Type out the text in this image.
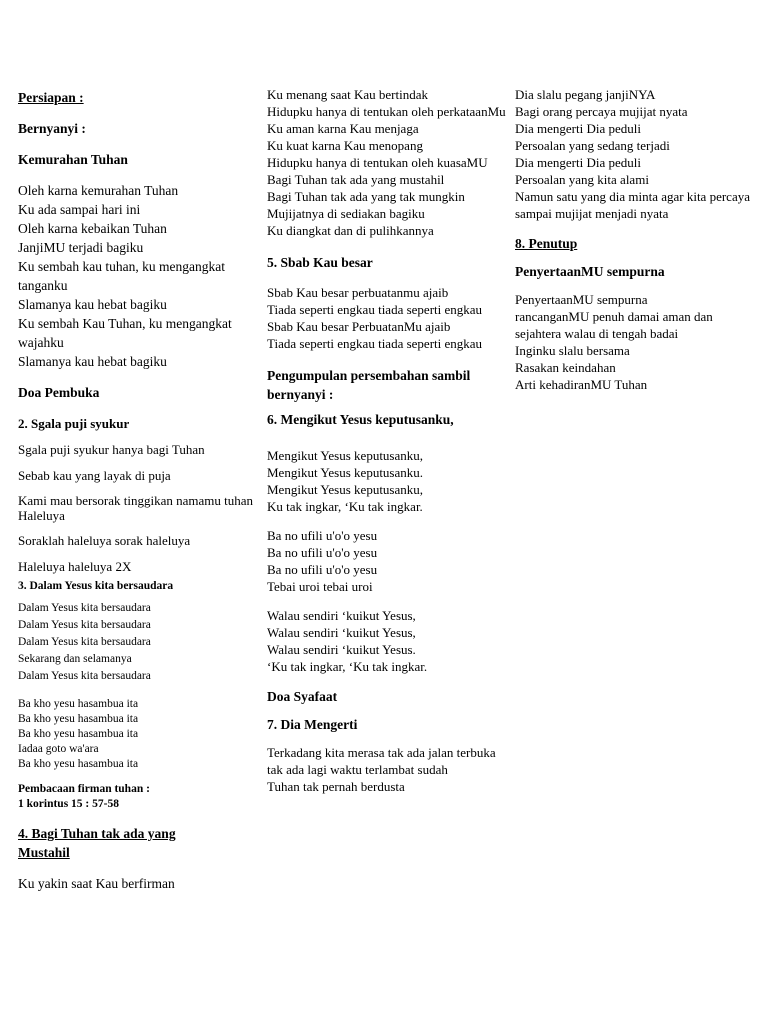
Persiapan :
Bernyanyi :
Kemurahan Tuhan
Oleh karna kemurahan Tuhan
Ku ada sampai hari ini
Oleh karna kebaikan Tuhan
JanjiMU terjadi bagiku
Ku sembah kau tuhan, ku mengangkat tanganku
Slamanya kau hebat bagiku
Ku sembah Kau Tuhan, ku mengangkat wajahku
Slamanya kau hebat bagiku
Doa Pembuka
2. Sgala puji syukur
Sgala puji syukur hanya bagi Tuhan
Sebab kau yang layak di puja
Kami mau bersorak tinggikan namamu tuhan Haleluya
Soraklah haleluya sorak haleluya
Haleluya haleluya 2X
3. Dalam Yesus kita bersaudara
Dalam Yesus kita bersaudara
Dalam Yesus kita bersaudara
Dalam Yesus kita bersaudara
Sekarang dan selamanya
Dalam Yesus kita bersaudara
Ba kho yesu hasambua ita
Ba kho yesu hasambua ita
Ba kho yesu hasambua ita
Iadaa goto wa'ara
Ba kho yesu hasambua ita
Pembacaan firman tuhan :
1 korintus 15 : 57-58
4. Bagi Tuhan tak ada yang
Mustahil
Ku yakin saat Kau berfirman
Ku menang saat Kau bertindak
Hidupku hanya di tentukan oleh perkataanMu
Ku aman karna Kau menjaga
Ku kuat karna Kau menopang
Hidupku hanya di tentukan oleh kuasaMU
Bagi Tuhan tak ada yang mustahil
Bagi Tuhan tak ada yang tak mungkin
Mujijatnya di sediakan bagiku
Ku diangkat dan di pulihkannya
5. Sbab Kau besar
Sbab Kau besar perbuatanmu ajaib
Tiada seperti engkau tiada seperti engkau
Sbab Kau besar PerbuatanMu ajaib
Tiada seperti engkau tiada seperti engkau
Pengumpulan persembahan sambil bernyanyi :
6. Mengikut Yesus keputusanku,
Mengikut Yesus keputusanku,
Mengikut Yesus keputusanku.
Mengikut Yesus keputusanku,
Ku tak ingkar, ‘Ku tak ingkar.
Ba no ufili u'o'o yesu
Ba no ufili u'o'o yesu
Ba no ufili u'o'o yesu
Tebai uroi tebai uroi
Walau sendiri ‘kuikut Yesus,
Walau sendiri ‘kuikut Yesus,
Walau sendiri ‘kuikut Yesus.
‘Ku tak ingkar, ‘Ku tak ingkar.
Doa Syafaat
7. Dia Mengerti
Terkadang kita merasa tak ada jalan terbuka
tak ada lagi waktu terlambat sudah
Tuhan tak pernah berdusta
Dia slalu pegang janjiNYA
Bagi orang percaya mujijat nyata
Dia mengerti Dia peduli
Persoalan yang sedang terjadi
Dia mengerti Dia peduli
Persoalan yang kita alami
Namun satu yang dia minta agar kita percaya sampai mujijat menjadi nyata
8. Penutup
PenyertaanMU sempurna
PenyertaanMU sempurna
rancanganMU penuh damai aman dan sejahtera walau di tengah badai
Inginku slalu bersama
Rasakan keindahan
Arti kehadiranMU Tuhan
